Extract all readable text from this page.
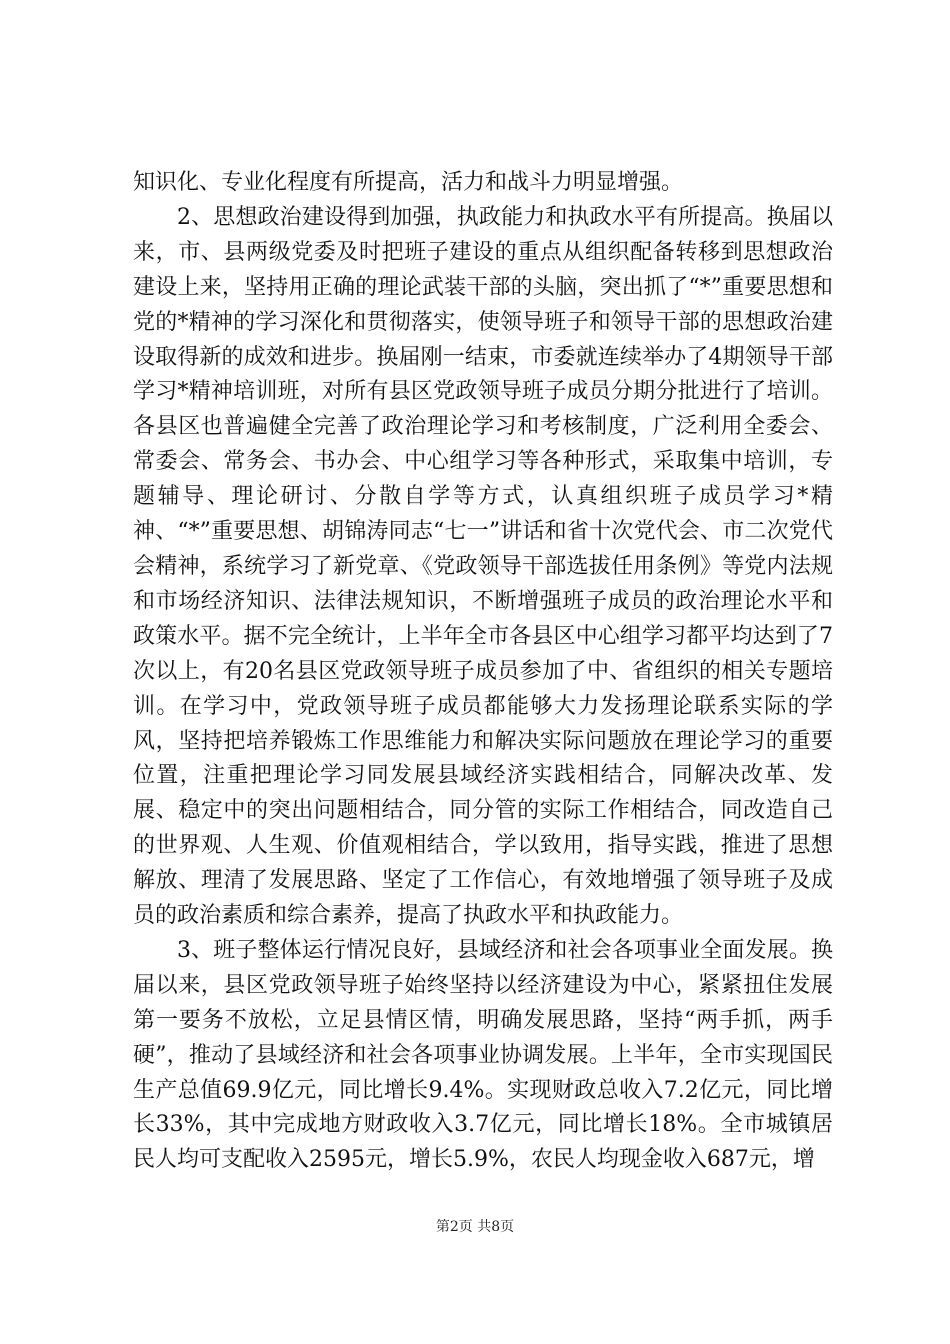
知识化、专业化程度有所提高，活力和战斗力明显增强。

2、思想政治建设得到加强，执政能力和执政水平有所提高。换届以来，市、县两级党委及时把班子建设的重点从组织配备转移到思想政治建设上来，坚持用正确的理论武装干部的头脑，突出抓了“*”重要思想和党的*精神的学习深化和贯彻落实，使领导班子和领导干部的思想政治建设取得新的成效和进步。换届刚一结束，市委就连续举办了4期领导干部学习*精神培训班，对所有县区党政领导班子成员分期分批进行了培训。各县区也普遍健全完善了政治理论学习和考核制度，广泛利用全委会、常委会、常务会、书办会、中心组学习等各种形式，采取集中培训，专题辅导、理论研讨、分散自学等方式，认真组织班子成员学习*精神、“*”重要思想、胡锦涛同志“七一”讲话和省十次党代会、市二次党代会精神，系统学习了新党章、《党政领导干部选拔任用条例》等党内法规和市场经济知识、法律法规知识，不断增强班子成员的政治理论水平和政策水平。据不完全统计，上半年全市各县区中心组学习都平均达到了7次以上，有20名县区党政领导班子成员参加了中、省组织的相关专题培训。在学习中，党政领导班子成员都能够大力发扬理论联系实际的学风，坚持把培养锻炼工作思维能力和解决实际问题放在理论学习的重要位置，注重把理论学习同发展县域经济实践相结合，同解决改革、发展、稳定中的突出问题相结合，同分管的实际工作相结合，同改造自己的世界观、人生观、价值观相结合，学以致用，指导实践，推进了思想解放、理清了发展思路、坚定了工作信心，有效地增强了领导班子及成员的政治素质和综合素养，提高了执政水平和执政能力。

3、班子整体运行情况良好，县域经济和社会各项事业全面发展。换届以来，县区党政领导班子始终坚持以经济建设为中心，紧紧扭住发展第一要务不放松，立足县情区情，明确发展思路，坚持“两手抓，两手硬”，推动了县域经济和社会各项事业协调发展。上半年，全市实现国民生产总值69.9亿元，同比增长9.4%。实现财政总收入7.2亿元，同比增长33%，其中完成地方财政收入3.7亿元，同比增长18%。全市城镇居民人均可支配收入2595元，增长5.9%，农民人均现金收入687元，增

第2页 共8页
